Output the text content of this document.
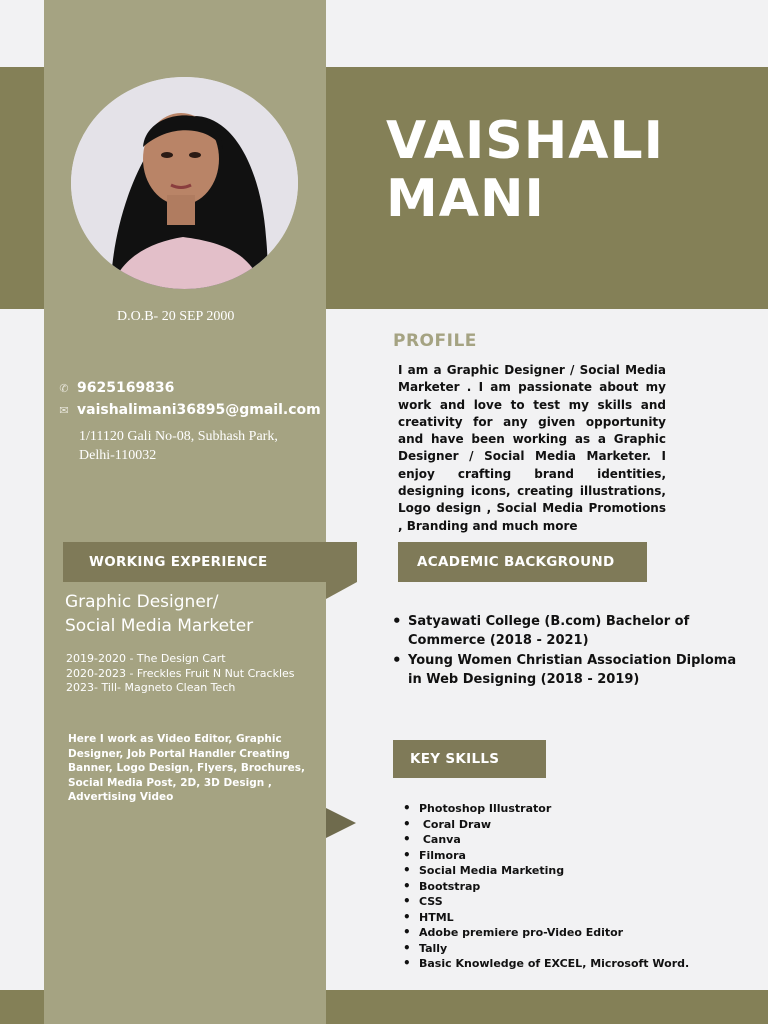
VAISHALI
MANI
D.O.B- 20 SEP 2000
✆ 9625169836
✉ vaishalimani36895@gmail.com
1/11120 Gali No-08, Subhash Park,
Delhi-110032
PROFILE
I am a Graphic Designer / Social Media Marketer . I am passionate about my work and love to test my skills and creativity for any given opportunity and have been working as a Graphic Designer / Social Media Marketer. I enjoy crafting brand identities, designing icons, creating illustrations, Logo design , Social Media Promotions , Branding and much more
WORKING EXPERIENCE	ACADEMIC BACKGROUND
Graphic Designer/
Social Media Marketer
2019-2020 - The Design Cart
2020-2023 - Freckles Fruit N Nut Crackles
2023- Till- Magneto Clean Tech
Here I work as Video Editor, Graphic Designer, Job Portal Handler Creating Banner, Logo Design, Flyers, Brochures, Social Media Post, 2D, 3D Design , Advertising Video
• Satyawati College (B.com) Bachelor of Commerce (2018 - 2021)
• Young Women Christian Association Diploma in Web Designing (2018 - 2019)
KEY SKILLS
• Photoshop Illustrator
•  Coral Draw
•  Canva
• Filmora
• Social Media Marketing
• Bootstrap
• CSS
• HTML
• Adobe premiere pro-Video Editor
• Tally
• Basic Knowledge of EXCEL, Microsoft Word.
